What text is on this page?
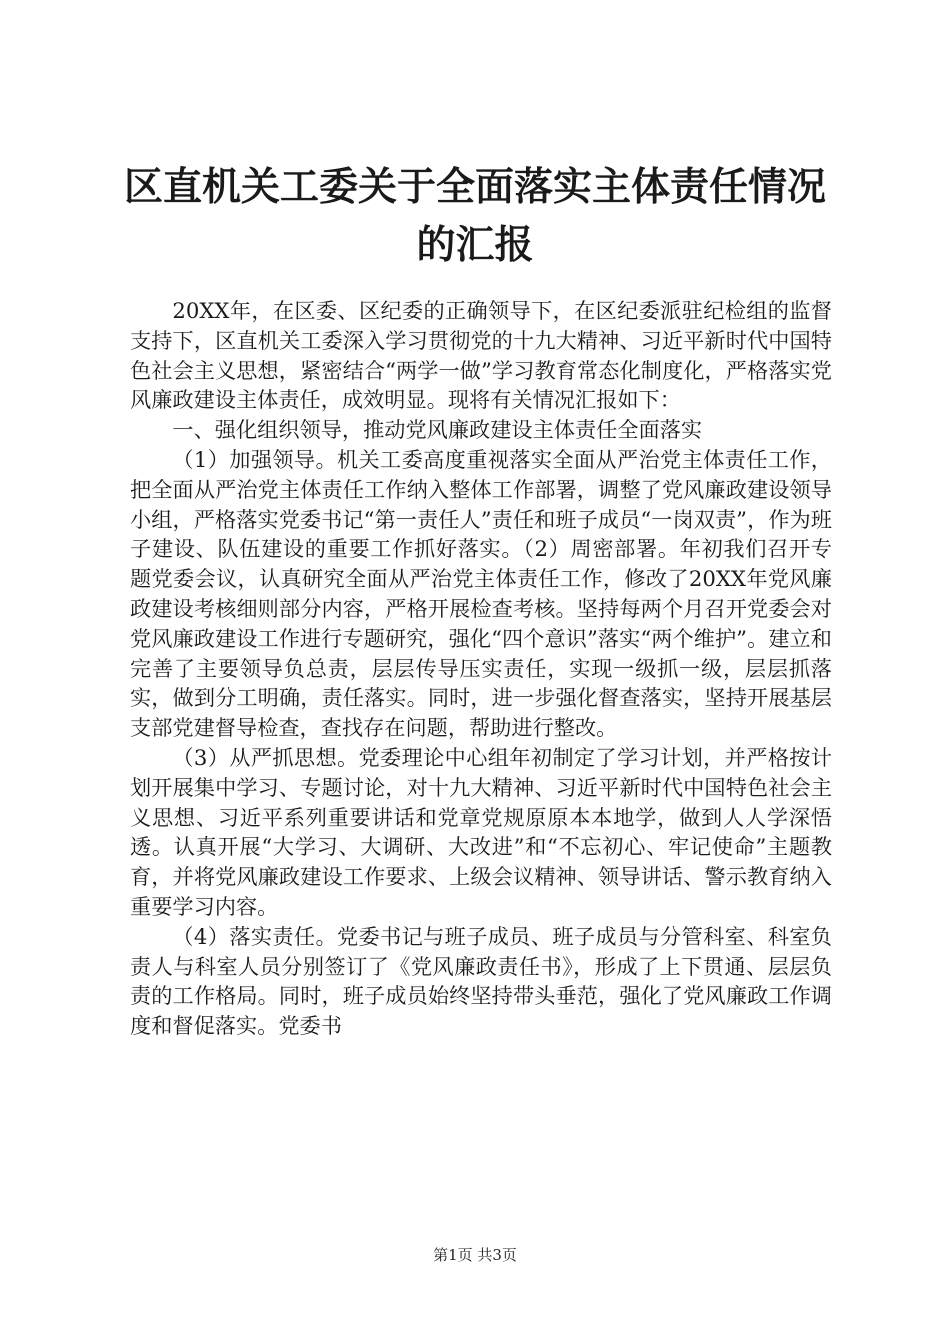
区直机关工委关于全面落实主体责任情况的汇报

20XX年，在区委、区纪委的正确领导下，在区纪委派驻纪检组的监督支持下，区直机关工委深入学习贯彻党的十九大精神、习近平新时代中国特色社会主义思想，紧密结合“两学一做”学习教育常态化制度化，严格落实党风廉政建设主体责任，成效明显。现将有关情况汇报如下：

一、强化组织领导，推动党风廉政建设主体责任全面落实

（1）加强领导。机关工委高度重视落实全面从严治党主体责任工作，把全面从严治党主体责任工作纳入整体工作部署，调整了党风廉政建设领导小组，严格落实党委书记“第一责任人”责任和班子成员“一岗双责”，作为班子建设、队伍建设的重要工作抓好落实。（2）周密部署。年初我们召开专题党委会议，认真研究全面从严治党主体责任工作，修改了20XX年党风廉政建设考核细则部分内容，严格开展检查考核。坚持每两个月召开党委会对党风廉政建设工作进行专题研究，强化“四个意识”落实“两个维护”。建立和完善了主要领导负总责，层层传导压实责任，实现一级抓一级，层层抓落实，做到分工明确，责任落实。同时，进一步强化督查落实，坚持开展基层支部党建督导检查，查找存在问题，帮助进行整改。

（3）从严抓思想。党委理论中心组年初制定了学习计划，并严格按计划开展集中学习、专题讨论，对十九大精神、习近平新时代中国特色社会主义思想、习近平系列重要讲话和党章党规原原本本地学，做到人人学深悟透。认真开展“大学习、大调研、大改进”和“不忘初心、牢记使命”主题教育，并将党风廉政建设工作要求、上级会议精神、领导讲话、警示教育纳入重要学习内容。

（4）落实责任。党委书记与班子成员、班子成员与分管科室、科室负责人与科室人员分别签订了《党风廉政责任书》，形成了上下贯通、层层负责的工作格局。同时，班子成员始终坚持带头垂范，强化了党风廉政工作调度和督促落实。党委书

第1页 共3页
